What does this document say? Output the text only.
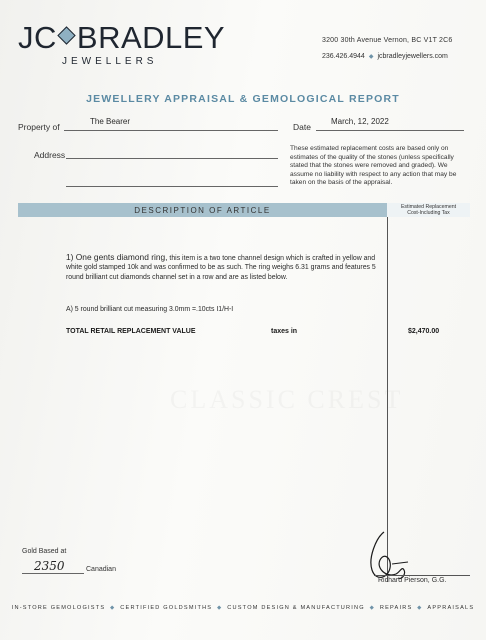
JC BRADLEY
JEWELLERS
3200 30th Avenue Vernon, BC V1T 2C6
236.426.4944 ◆ jcbradleyjewellers.com
JEWELLERY APPRAISAL & GEMOLOGICAL REPORT
Property of
The Bearer
Date
March, 12, 2022
Address
These estimated replacement costs are based only on estimates of the quality of the stones (unless specifically stated that the stones were removed and graded). We assume no liability with respect to any action that may be taken on the basis of the appraisal.
DESCRIPTION OF ARTICLE	Estimated Replacement
Cost-Including Tax
1) One gents diamond ring, this item is a two tone channel design which is crafted in yellow and white gold stamped 10k and was confirmed to be as such. The ring weighs 6.31 grams and features 5 round brilliant cut diamonds channel set in a row and are as listed below.
A) 5 round brilliant cut measuring 3.0mm =.10cts I1/H-I
TOTAL RETAIL REPLACEMENT VALUE	taxes in	$2,470.00
CLASSIC CREST
Gold Based at
2350	Canadian
Richard Pierson, G.G.
IN-STORE GEMOLOGISTS ◆ CERTIFIED GOLDSMITHS ◆ CUSTOM DESIGN & MANUFACTURING ◆ REPAIRS ◆ APPRAISALS
